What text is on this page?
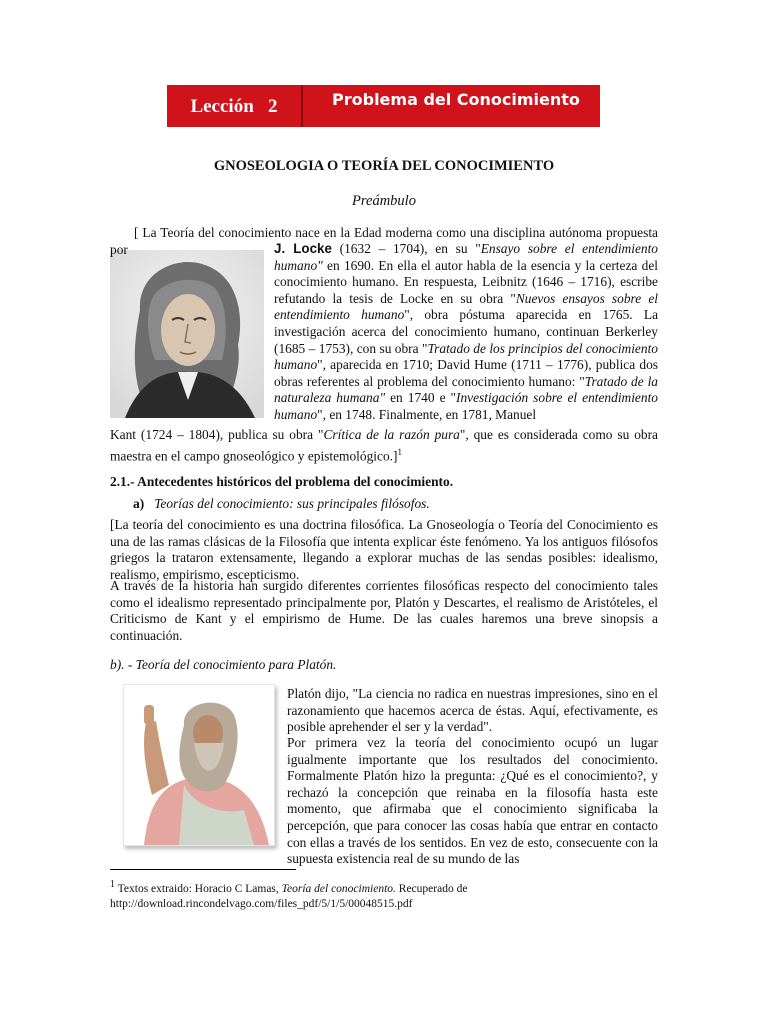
Lección   2	Problema del Conocimiento
GNOSEOLOGIA O TEORÍA DEL CONOCIMIENTO
Preámbulo

[ La Teoría del conocimiento nace en la Edad moderna como una disciplina autónoma propuesta por	J. Locke (1632 – 1704), en su "Ensayo sobre el entendimiento humano" en 1690. En ella el autor habla de la esencia y la certeza del conocimiento humano. En respuesta, Leibnitz (1646 – 1716), escribe refutando la tesis de Locke en su obra "Nuevos ensayos sobre el entendimiento humano", obra póstuma aparecida en 1765. La investigación acerca del conocimiento humano, continuan Berkerley (1685 – 1753), con su obra "Tratado de los principios del conocimiento humano", aparecida en 1710; David Hume (1711 – 1776), publica dos obras referentes al problema del conocimiento humano: "Tratado de la naturaleza humana" en 1740 e "Investigación sobre el entendimiento humano", en 1748. Finalmente, en 1781, Manuel

Kant (1724 – 1804), publica su obra "Crítica de la razón pura", que es considerada como su obra maestra en el campo gnoseológico y epistemológico.]$^1$

2.1.- Antecedentes históricos del problema del conocimiento.
a) Teorías del conocimiento: sus principales filósofos.

[La teoría del conocimiento es una doctrina filosófica. La Gnoseología o Teoría del Conocimiento es una de las ramas clásicas de la Filosofía que intenta explicar éste fenómeno. Ya los antiguos filósofos griegos la trataron extensamente, llegando a explorar muchas de las sendas posibles: idealismo, realismo, empirismo, escepticismo.

A través de la historia han surgido diferentes corrientes filosóficas respecto del conocimiento tales como el idealismo representado principalmente por, Platón y Descartes, el realismo de Aristóteles, el Criticismo de Kant y el empirismo de Hume. De las cuales haremos una breve sinopsis a continuación.

b). - Teoría del conocimiento para Platón.

Platón dijo, "La ciencia no radica en nuestras impresiones, sino en el razonamiento que hacemos acerca de éstas. Aquí, efectivamente, es posible aprehender el ser y la verdad".

Por primera vez la teoría del conocimiento ocupó un lugar igualmente importante que los resultados del conocimiento. Formalmente Platón hizo la pregunta: ¿Qué es el conocimiento?, y rechazó la concepción que reinaba en la filosofía hasta este momento, que afirmaba que el conocimiento significaba la percepción, que para conocer las cosas había que entrar en contacto con ellas a través de los sentidos. En vez de esto, consecuente con la supuesta existencia real de su mundo de las

$^1$ Textos extraido: Horacio C Lamas, Teoría del conocimiento. Recuperado de
http://download.rincondelvago.com/files_pdf/5/1/5/00048515.pdf
